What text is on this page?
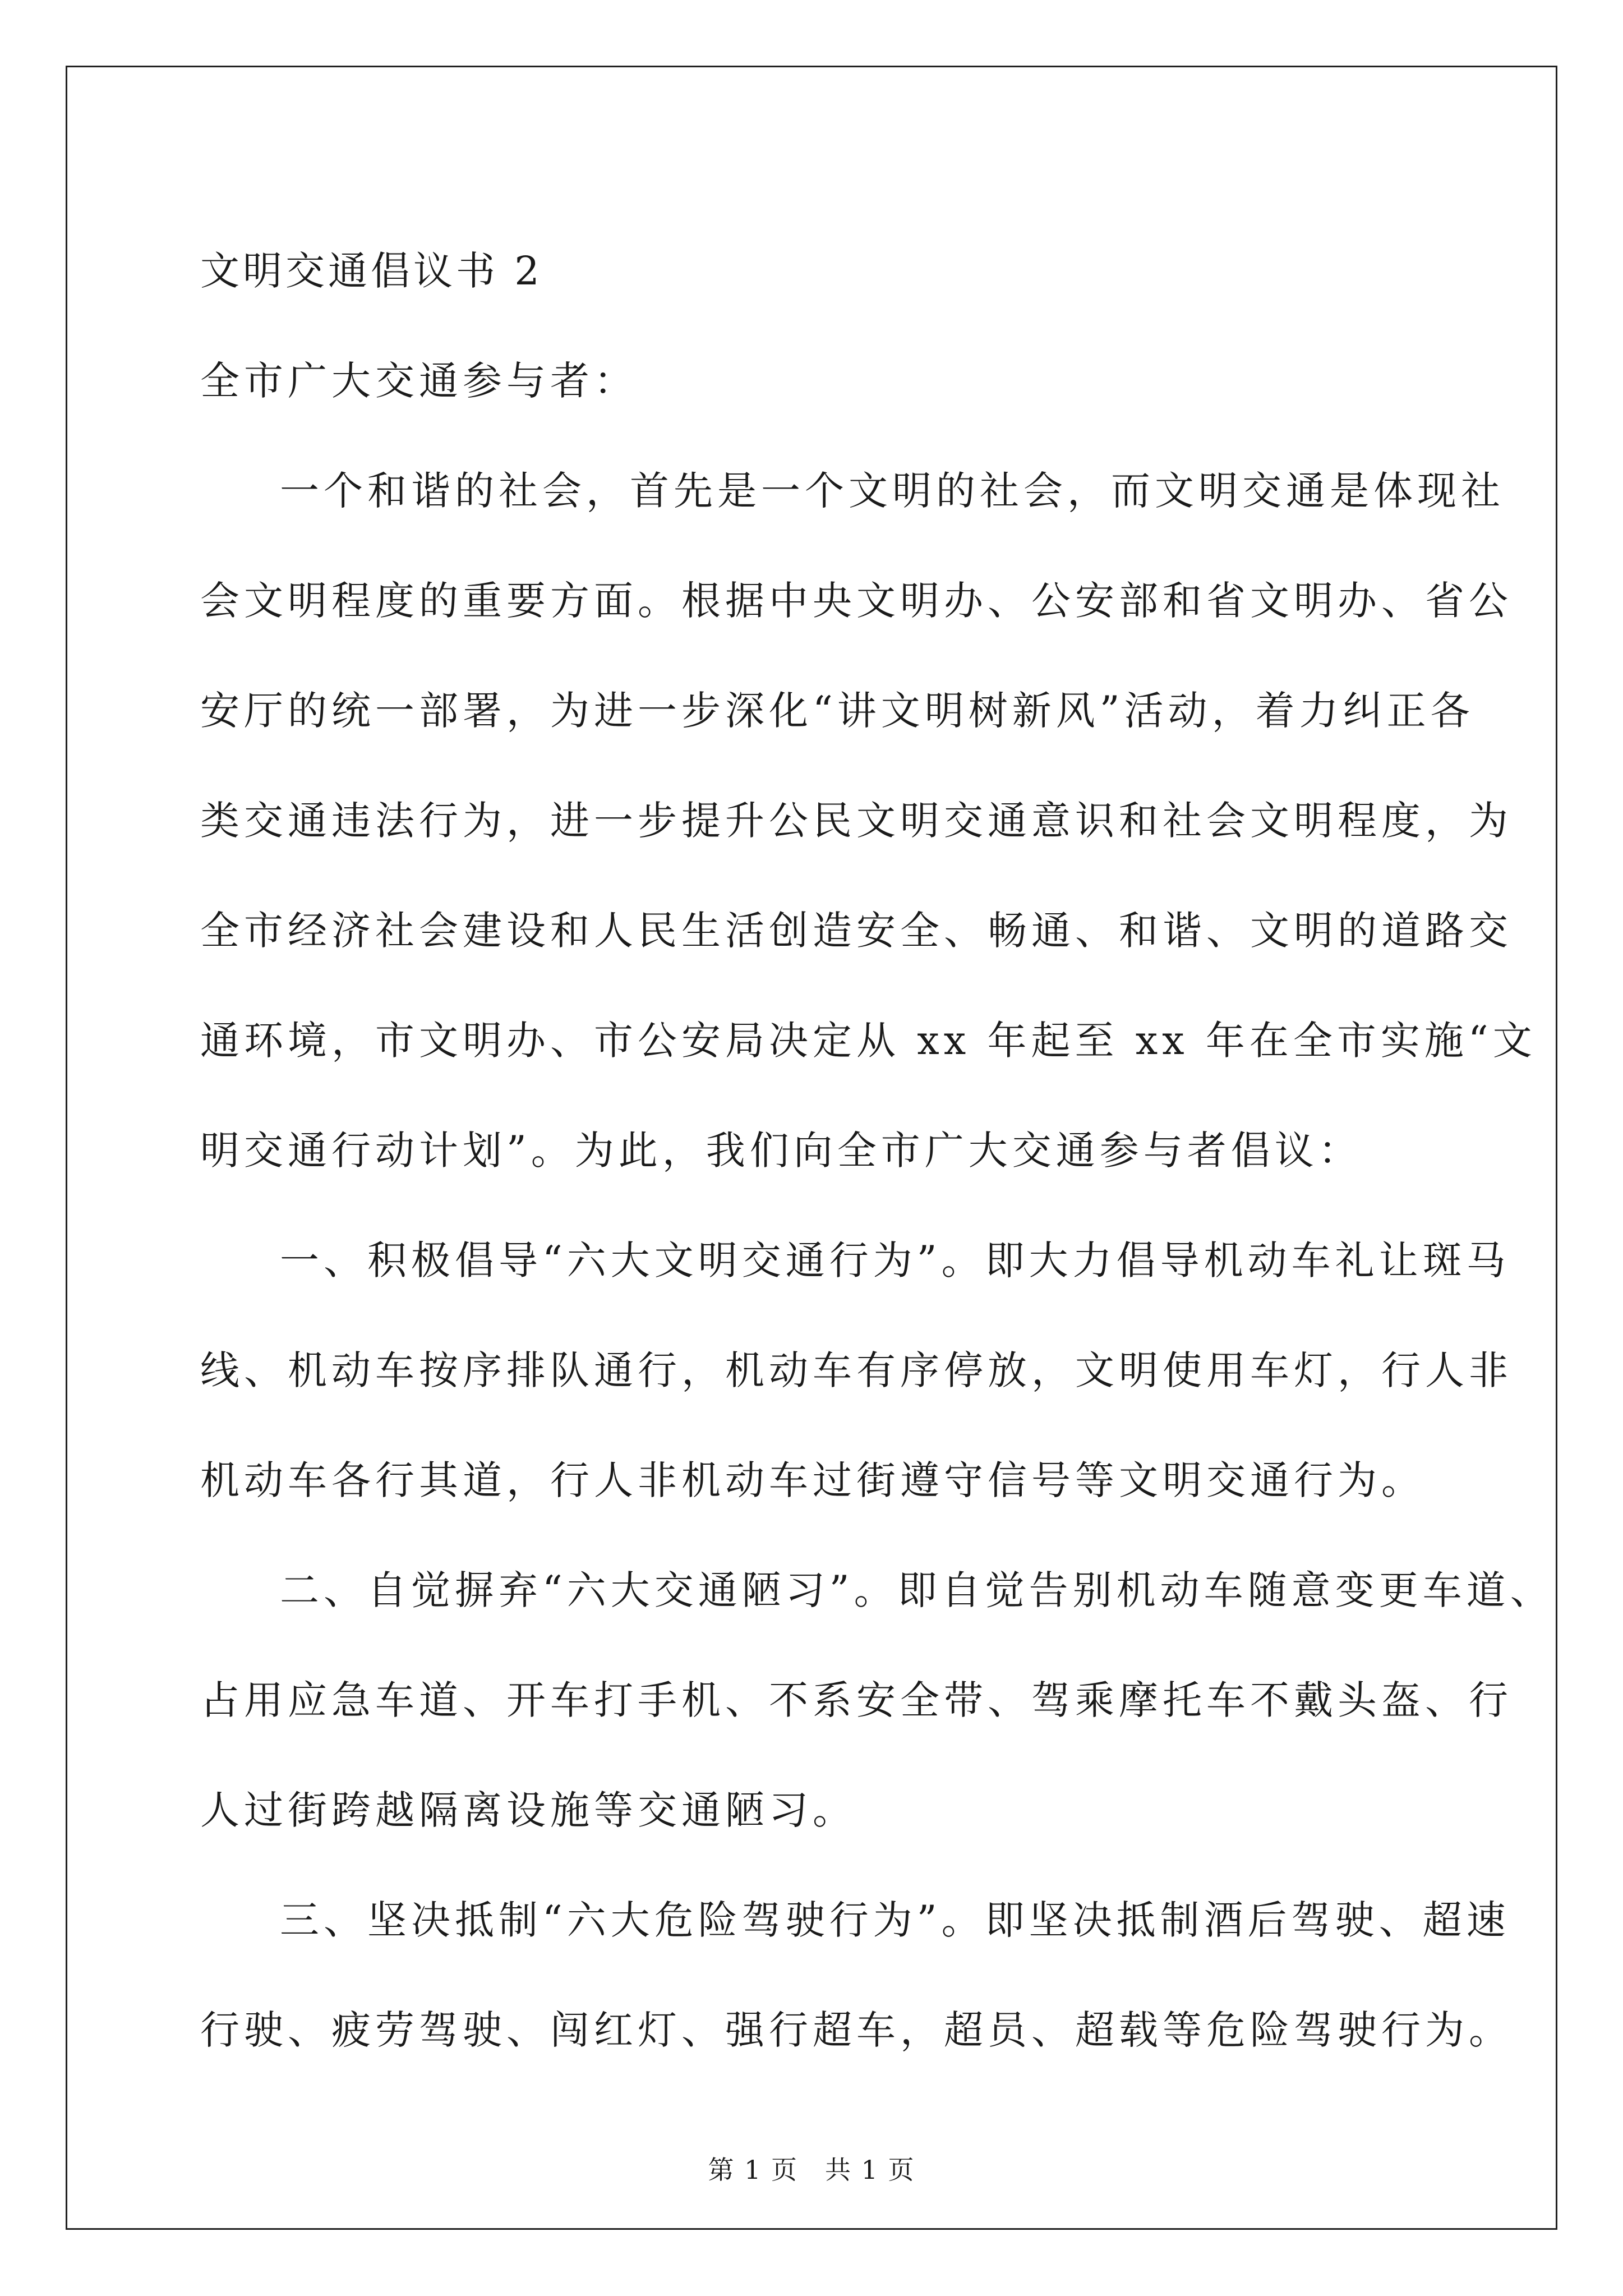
文明交通倡议书 2
全市广大交通参与者：
一个和谐的社会，首先是一个文明的社会，而文明交通是体现社
会文明程度的重要方面。根据中央文明办、公安部和省文明办、省公
安厅的统一部署，为进一步深化“讲文明树新风”活动，着力纠正各
类交通违法行为，进一步提升公民文明交通意识和社会文明程度，为
全市经济社会建设和人民生活创造安全、畅通、和谐、文明的道路交
通环境，市文明办、市公安局决定从 xx 年起至 xx 年在全市实施“文
明交通行动计划”。为此，我们向全市广大交通参与者倡议：
一、积极倡导“六大文明交通行为”。即大力倡导机动车礼让斑马
线、机动车按序排队通行，机动车有序停放，文明使用车灯，行人非
机动车各行其道，行人非机动车过街遵守信号等文明交通行为。
二、自觉摒弃“六大交通陋习”。即自觉告别机动车随意变更车道、
占用应急车道、开车打手机、不系安全带、驾乘摩托车不戴头盔、行
人过街跨越隔离设施等交通陋习。
三、坚决抵制“六大危险驾驶行为”。即坚决抵制酒后驾驶、超速
行驶、疲劳驾驶、闯红灯、强行超车，超员、超载等危险驾驶行为。
第 1 页　共 1 页
